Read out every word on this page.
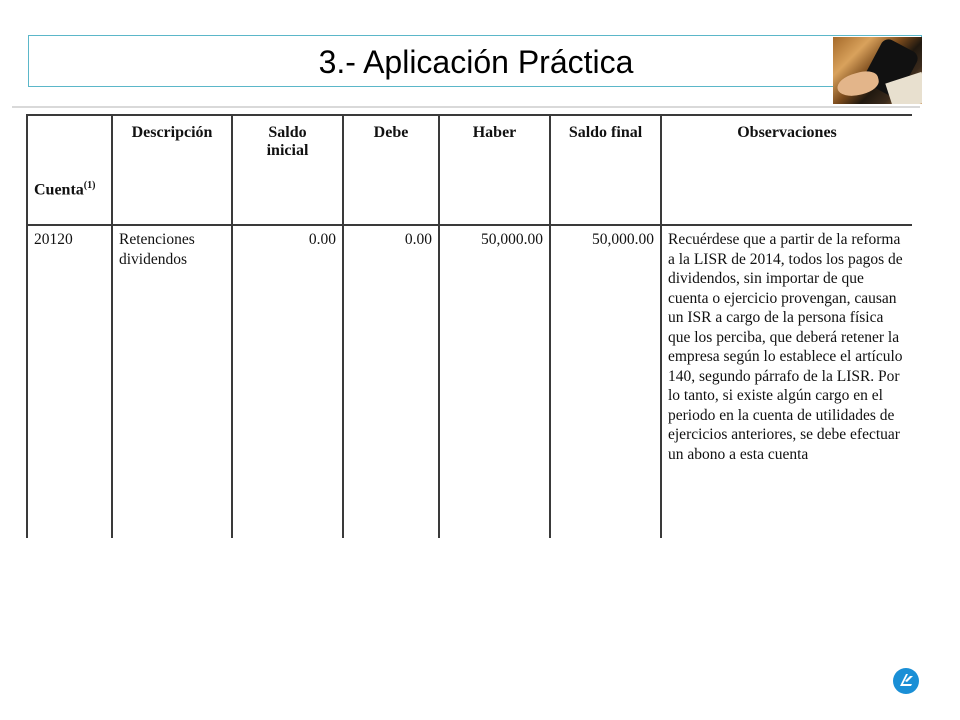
3.- Aplicación Práctica
Cuenta$^{(1)}$	Descripción	Saldo inicial	Debe	Haber	Saldo final	Observaciones
20120	Retenciones dividendos	0.00	0.00	50,000.00	50,000.00	Recuérdese que a partir de la reforma a la LISR de 2014, todos los pagos de dividendos, sin importar de que cuenta o ejercicio provengan, causan un ISR a cargo de la persona física que los perciba, que deberá retener la empresa según lo establece el artículo 140, segundo párrafo de la LISR. Por lo tanto, si existe algún cargo en el periodo en la cuenta de utilidades de ejercicios anteriores, se debe efectuar un abono a esta cuenta
